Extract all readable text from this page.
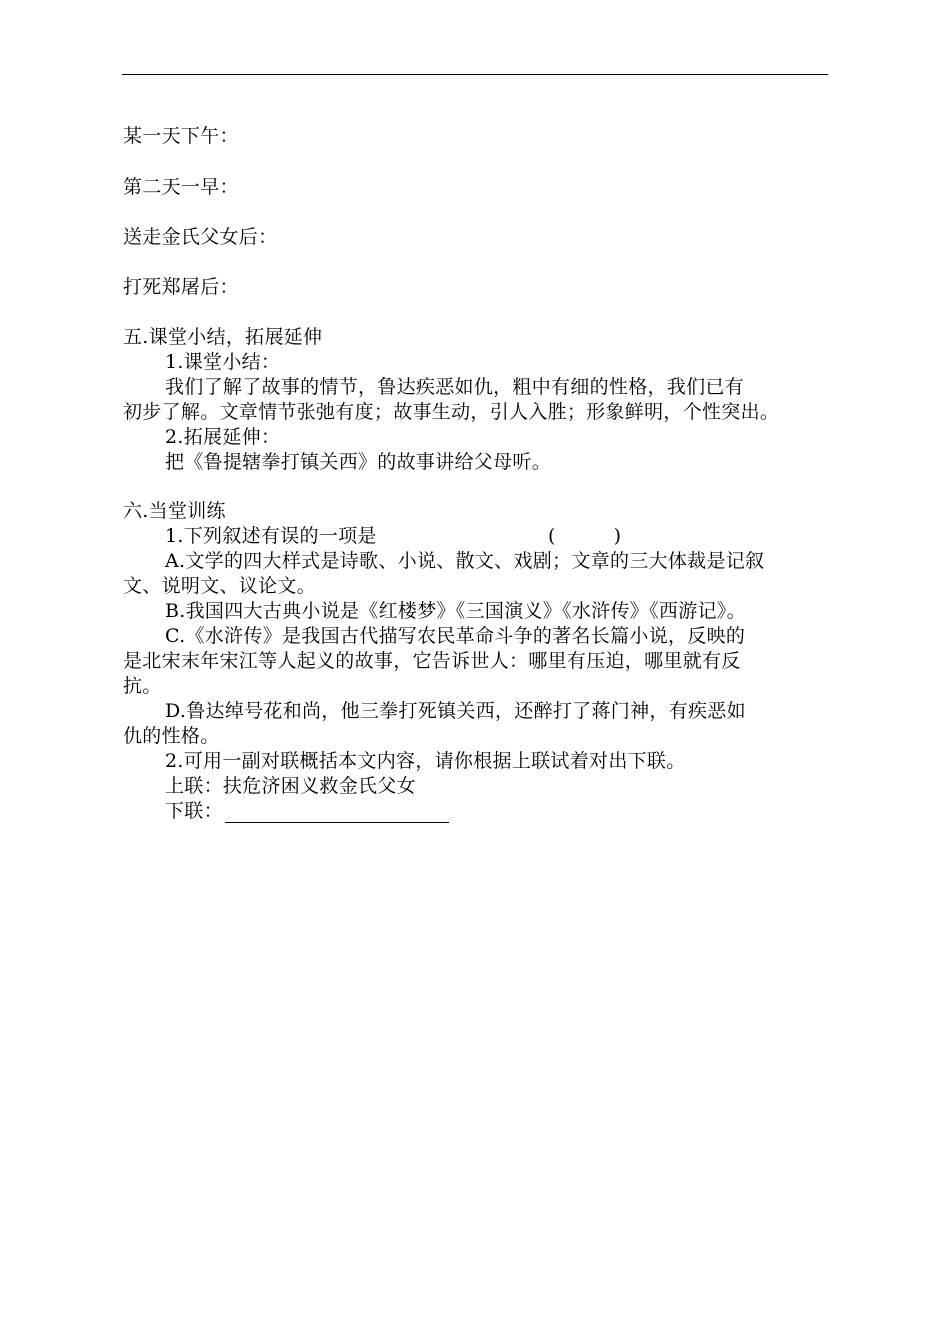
某一天下午：
第二天一早：
送走金氏父女后：
打死郑屠后：
五.课堂小结，拓展延伸
1.课堂小结：
我们了解了故事的情节，鲁达疾恶如仇，粗中有细的性格，我们已有
初步了解。文章情节张弛有度；故事生动，引人入胜；形象鲜明，个性突出。
2.拓展延伸：
把《鲁提辖拳打镇关西》的故事讲给父母听。
六.当堂训练
1.下列叙述有误的一项是	(　　　)
A.文学的四大样式是诗歌、小说、散文、戏剧；文章的三大体裁是记叙
文、说明文、议论文。
B.我国四大古典小说是《红楼梦》《三国演义》《水浒传》《西游记》。
C.《水浒传》是我国古代描写农民革命斗争的著名长篇小说，反映的
是北宋末年宋江等人起义的故事，它告诉世人：哪里有压迫，哪里就有反
抗。
D.鲁达绰号花和尚，他三拳打死镇关西，还醉打了蒋门神，有疾恶如
仇的性格。
2.可用一副对联概括本文内容，请你根据上联试着对出下联。
上联：扶危济困义救金氏父女
下联：
